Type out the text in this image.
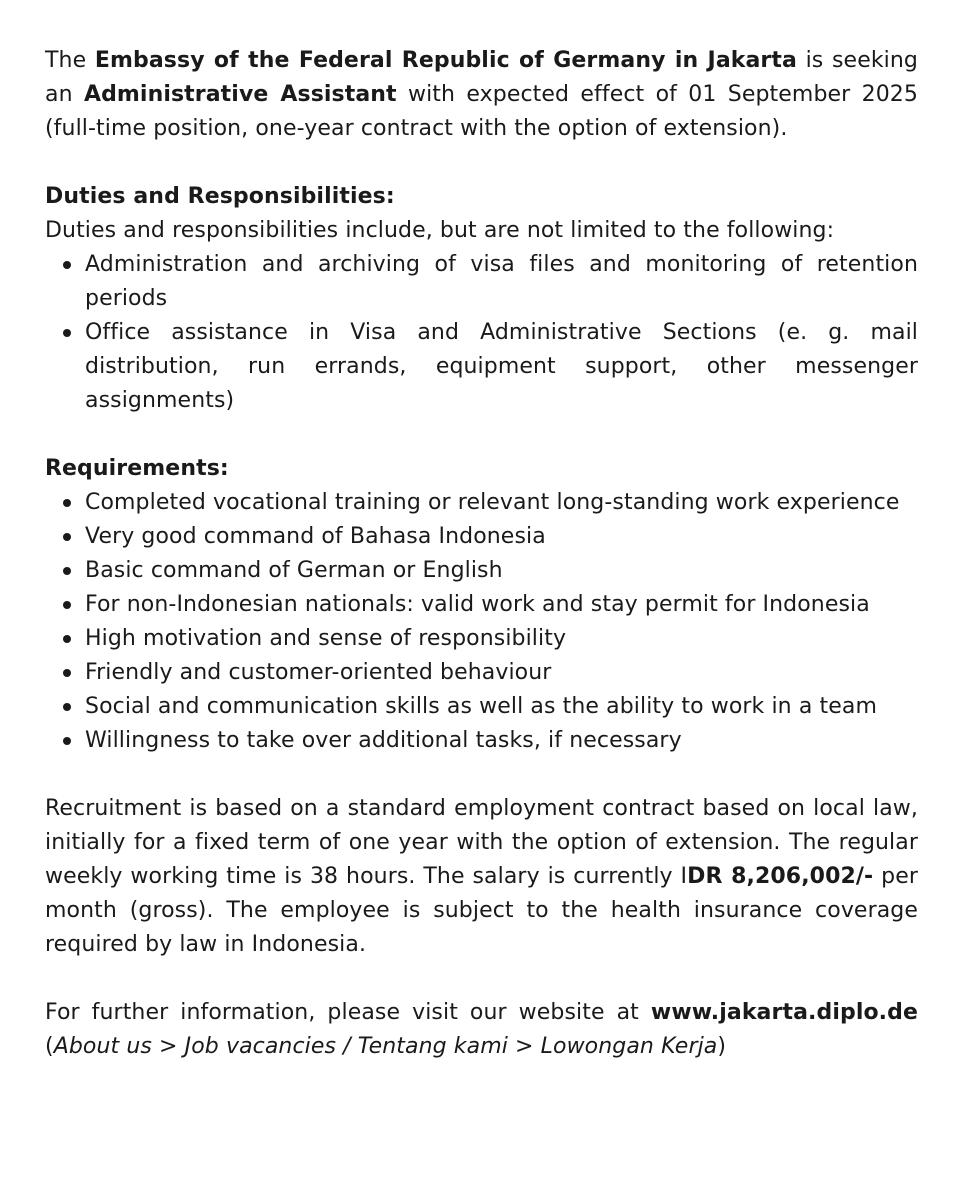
The Embassy of the Federal Republic of Germany in Jakarta is seeking an Administrative Assistant with expected effect of 01 September 2025 (full-time position, one-year contract with the option of extension).

Duties and Responsibilities:

Duties and responsibilities include, but are not limited to the following:

Administration and archiving of visa files and monitoring of retention periods
Office assistance in Visa and Administrative Sections (e. g. mail distribution, run errands, equipment support, other messenger assignments)

Requirements:

Completed vocational training or relevant long-standing work experience
Very good command of Bahasa Indonesia
Basic command of German or English
For non-Indonesian nationals: valid work and stay permit for Indonesia
High motivation and sense of responsibility
Friendly and customer-oriented behaviour
Social and communication skills as well as the ability to work in a team
Willingness to take over additional tasks, if necessary

Recruitment is based on a standard employment contract based on local law, initially for a fixed term of one year with the option of extension. The regular weekly working time is 38 hours. The salary is currently IDR 8,206,002/- per month (gross). The employee is subject to the health insurance coverage required by law in Indonesia.

For further information, please visit our website at www.jakarta.diplo.de (About us > Job vacancies / Tentang kami > Lowongan Kerja)
